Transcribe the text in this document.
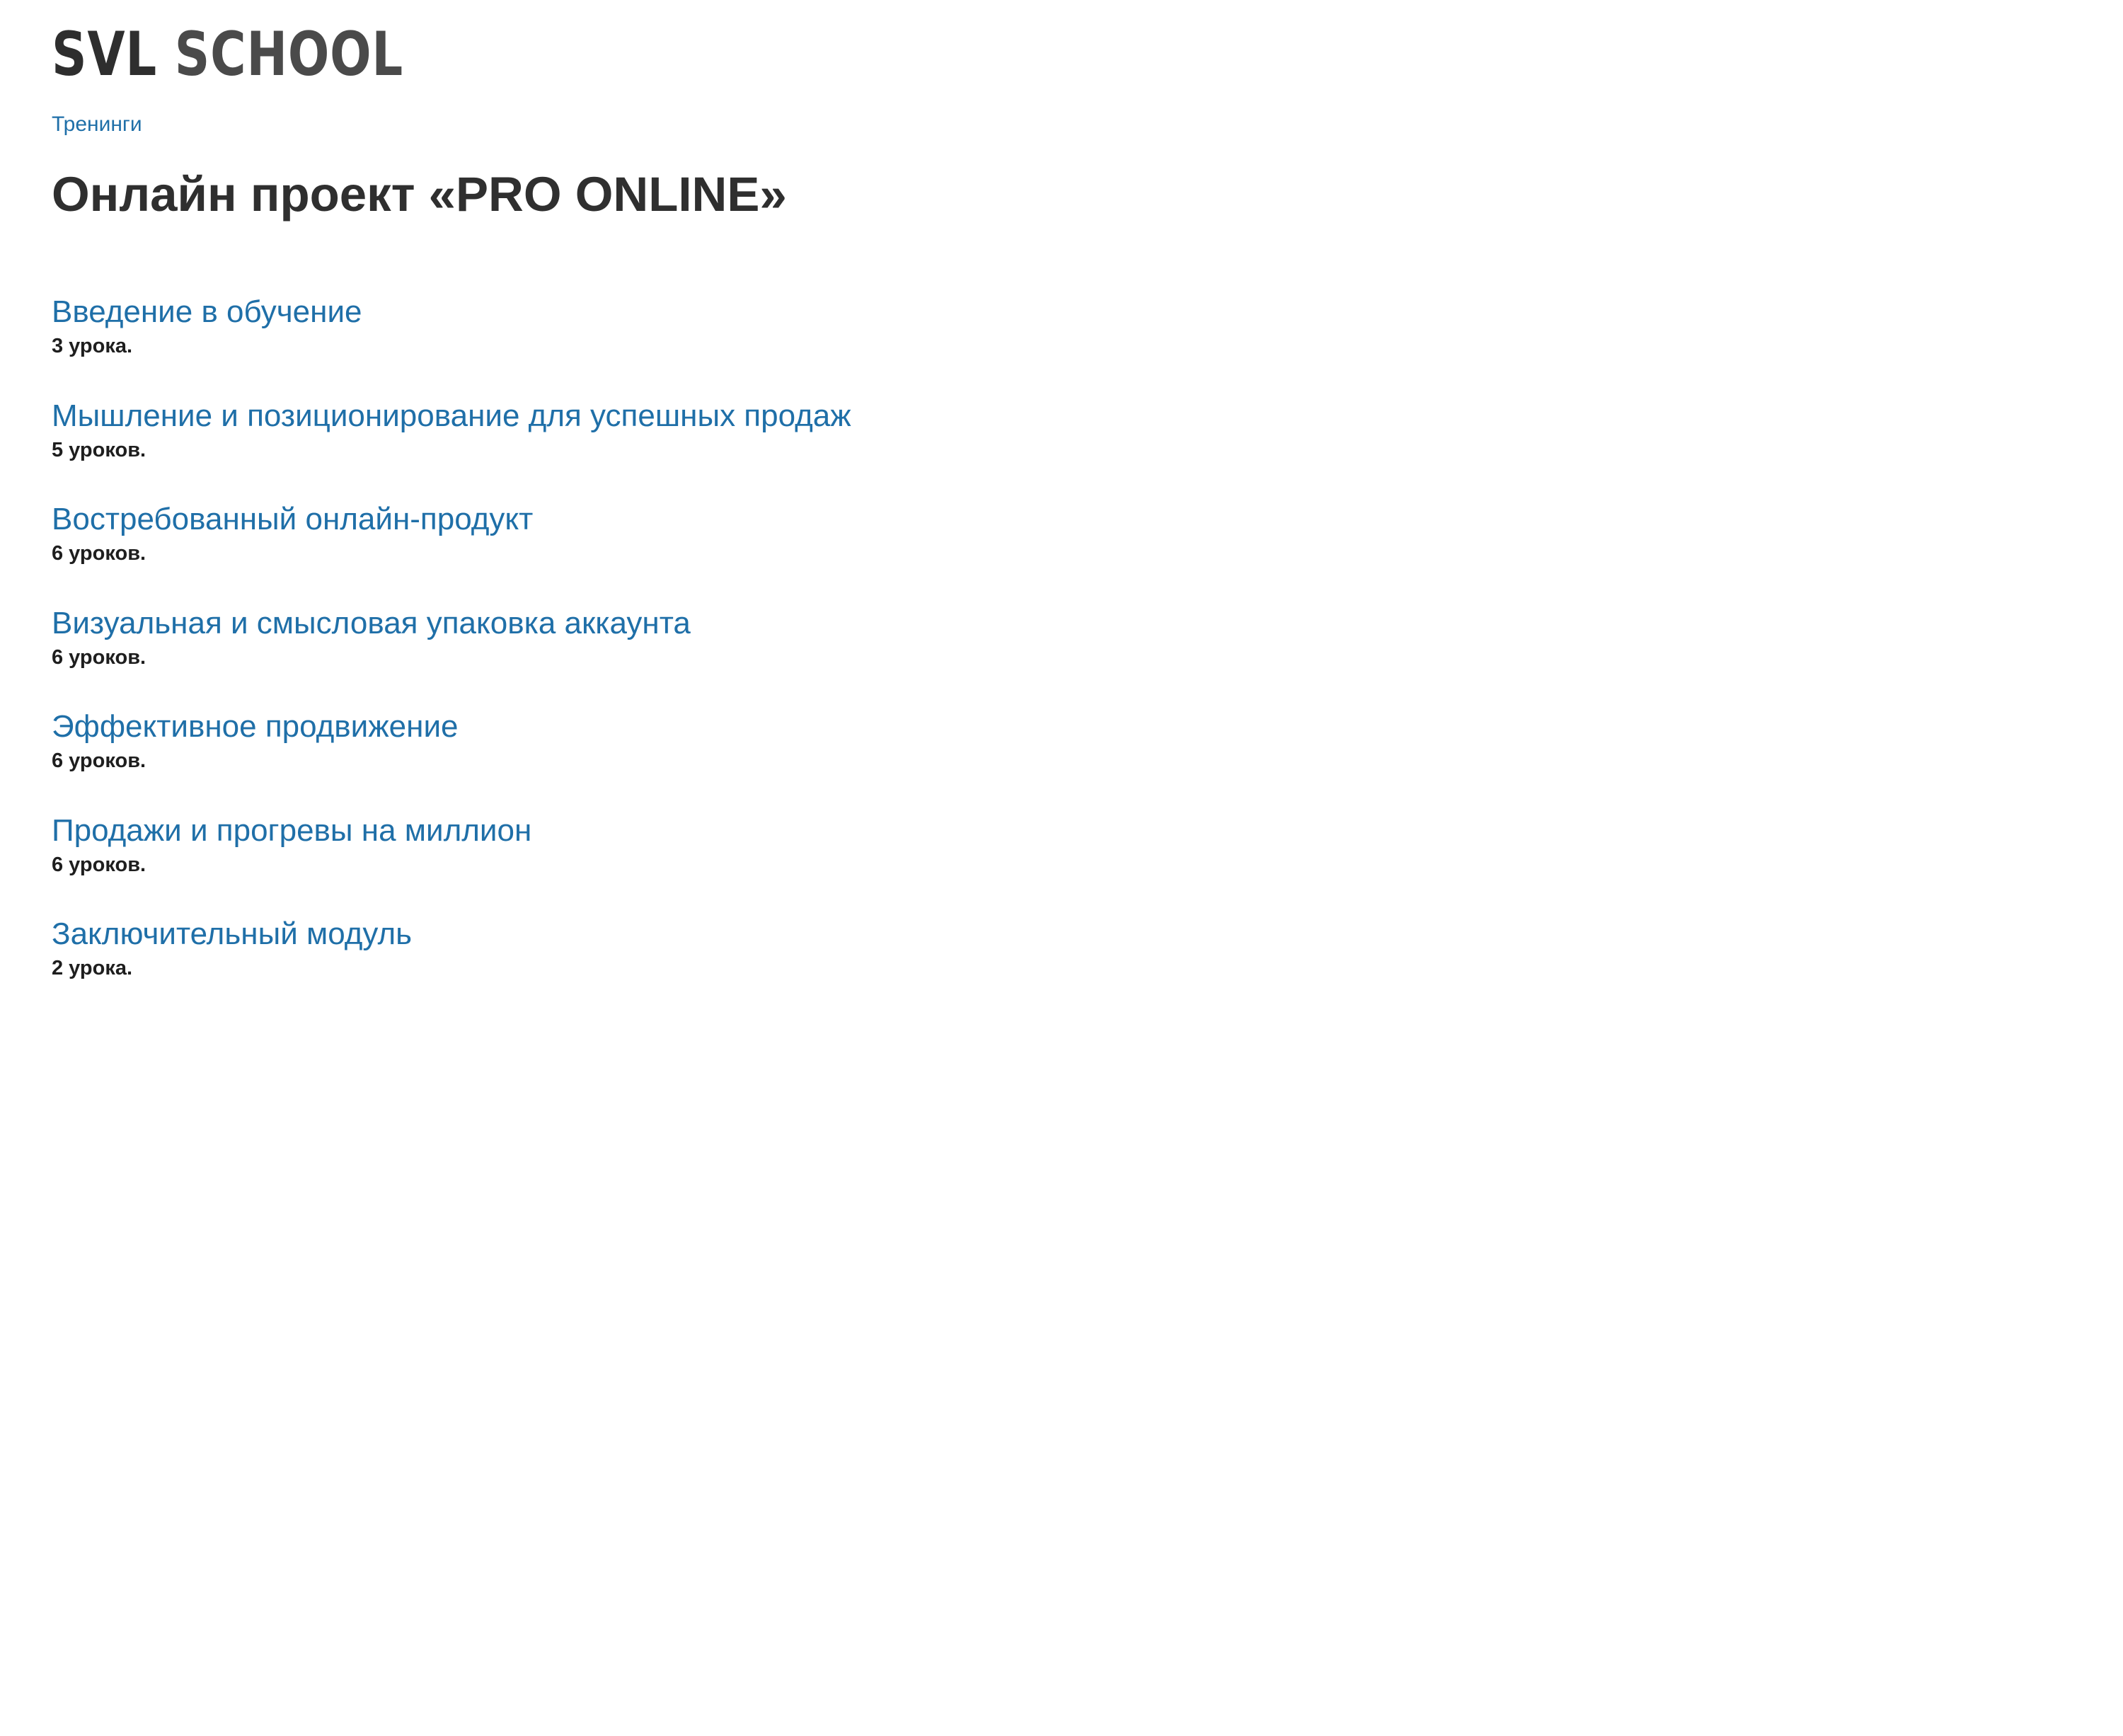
SVL SCHOOL
Тренинги
Онлайн проект «PRO ONLINE»
Введение в обучение
3 урока.
Мышление и позиционирование для успешных продаж
5 уроков.
Востребованный онлайн-продукт
6 уроков.
Визуальная и смысловая упаковка аккаунта
6 уроков.
Эффективное продвижение
6 уроков.
Продажи и прогревы на миллион
6 уроков.
Заключительный модуль
2 урока.
